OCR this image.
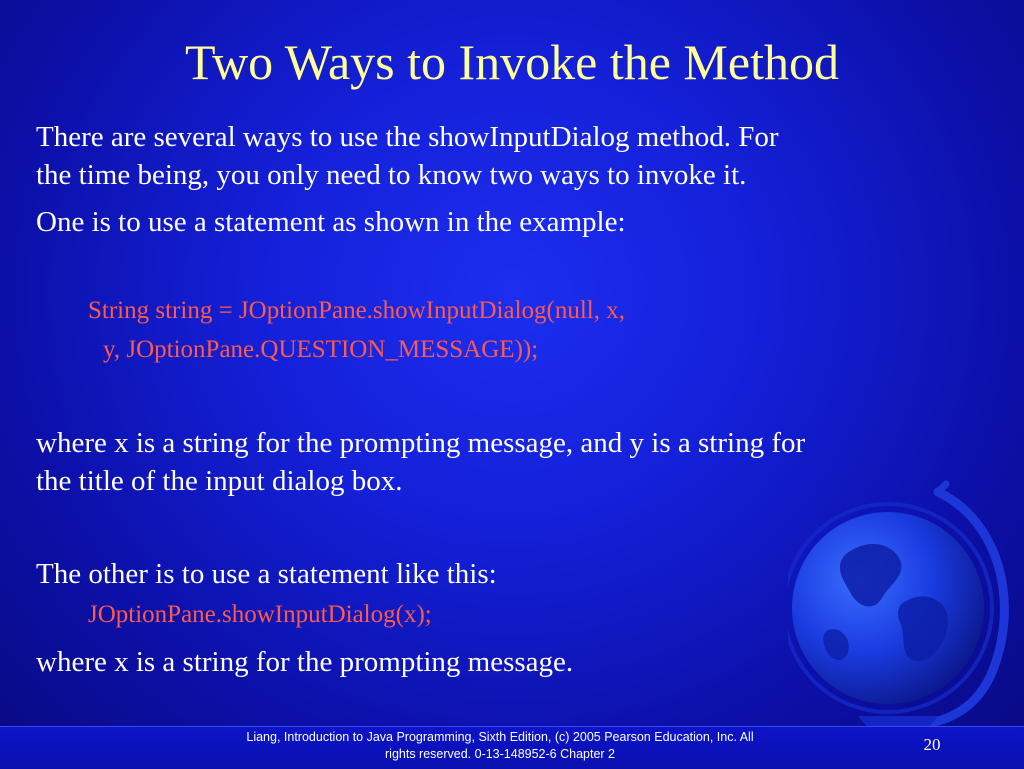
Two Ways to Invoke the Method
There are several ways to use the showInputDialog method. For
the time being, you only need to know two ways to invoke it.
One is to use a statement as shown in the example:
String string = JOptionPane.showInputDialog(null, x,
y, JOptionPane.QUESTION_MESSAGE));
where x is a string for the prompting message, and y is a string for
the title of the input dialog box.
The other is to use a statement like this:
JOptionPane.showInputDialog(x);
where x is a string for the prompting message.
Liang, Introduction to Java Programming, Sixth Edition, (c) 2005 Pearson Education, Inc. All
rights reserved. 0-13-148952-6 Chapter 2	20
